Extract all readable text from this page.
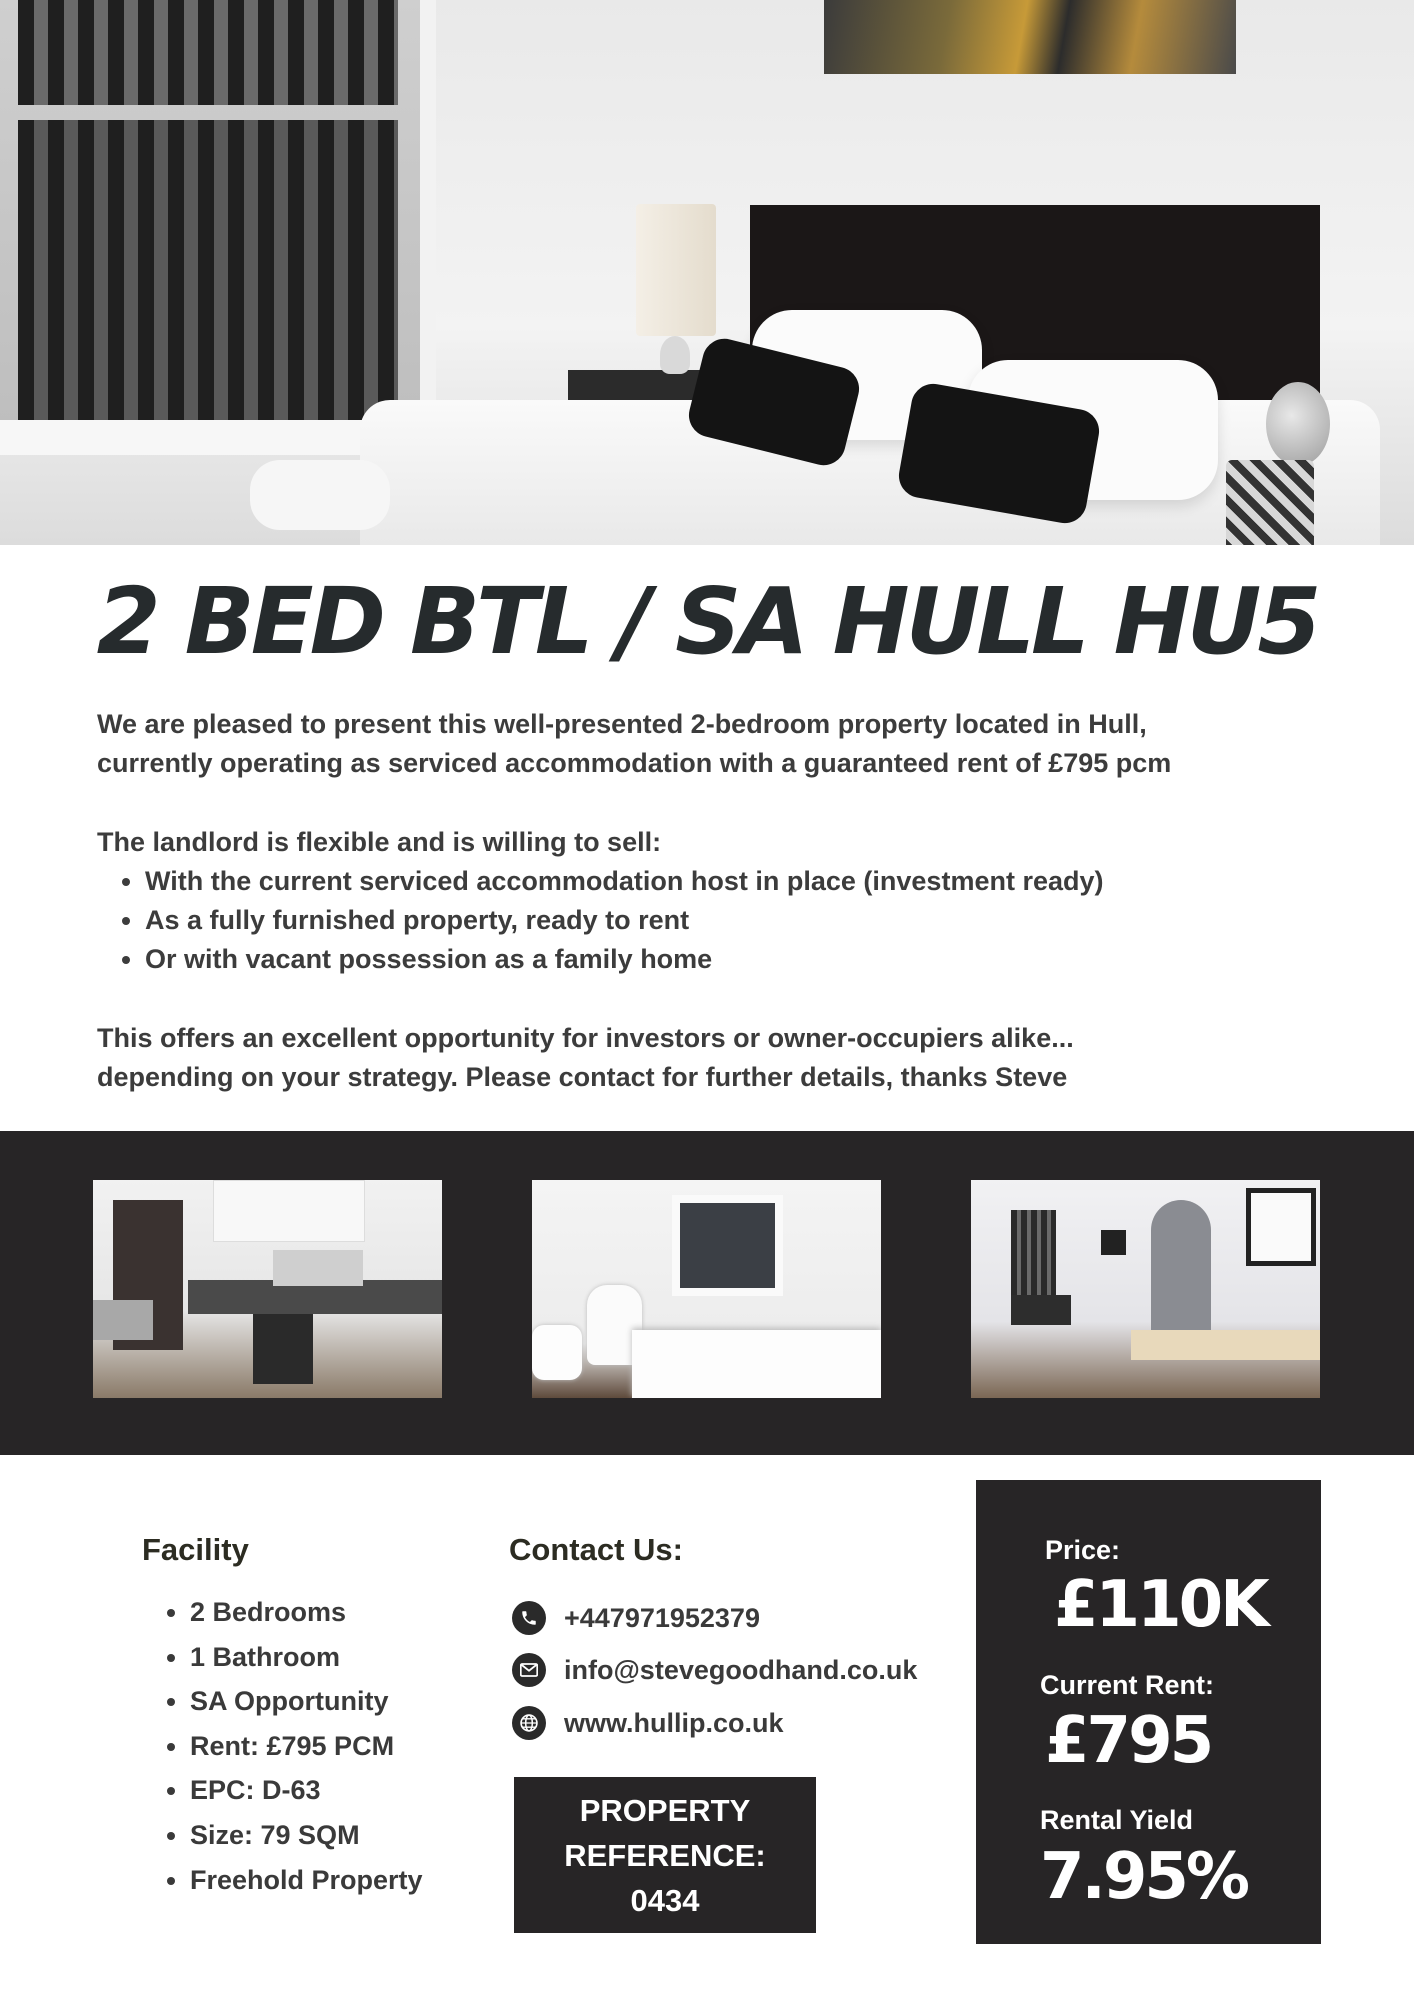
2 BED BTL / SA HULL HU5

We are pleased to present this well-presented 2-bedroom property located in Hull,

currently operating as serviced accommodation with a guaranteed rent of £795 pcm

The landlord is flexible and is willing to sell:

• With the current serviced accommodation host in place (investment ready)
• As a fully furnished property, ready to rent
• Or with vacant possession as a family home

This offers an excellent opportunity for investors or owner-occupiers alike...

depending on your strategy. Please contact for further details, thanks Steve

Facility
• 2 Bedrooms
• 1 Bathroom
• SA Opportunity
• Rent: £795 PCM
• EPC: D-63
• Size: 79 SQM
• Freehold Property
Contact Us:
+447971952379
info@stevegoodhand.co.uk
www.hullip.co.uk
PROPERTY
REFERENCE:
0434
Price:
£110K
Current Rent:
£795
Rental Yield
7.95%
